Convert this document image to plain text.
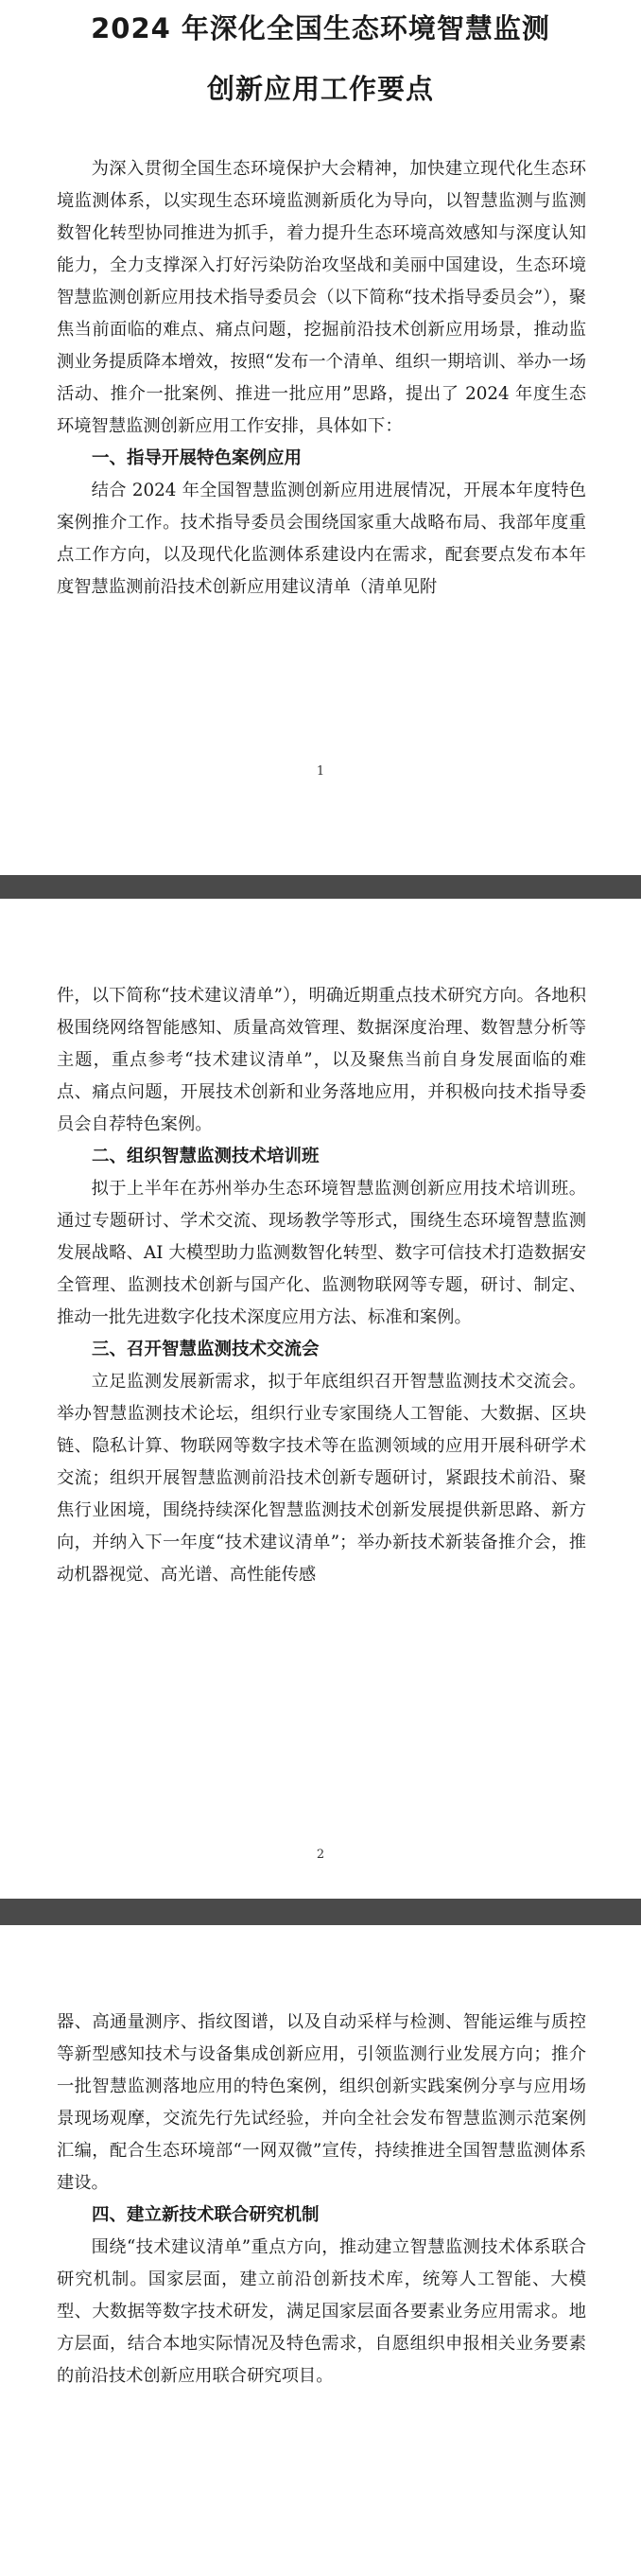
2024 年深化全国生态环境智慧监测
创新应用工作要点

为深入贯彻全国生态环境保护大会精神，加快建立现代化生态环境监测体系，以实现生态环境监测新质化为导向，以智慧监测与监测数智化转型协同推进为抓手，着力提升生态环境高效感知与深度认知能力，全力支撑深入打好污染防治攻坚战和美丽中国建设，生态环境智慧监测创新应用技术指导委员会（以下简称“技术指导委员会”），聚焦当前面临的难点、痛点问题，挖掘前沿技术创新应用场景，推动监测业务提质降本增效，按照“发布一个清单、组织一期培训、举办一场活动、推介一批案例、推进一批应用”思路，提出了 2024 年度生态环境智慧监测创新应用工作安排，具体如下：

一、指导开展特色案例应用

结合 2024 年全国智慧监测创新应用进展情况，开展本年度特色案例推介工作。技术指导委员会围绕国家重大战略布局、我部年度重点工作方向，以及现代化监测体系建设内在需求，配套要点发布本年度智慧监测前沿技术创新应用建议清单（清单见附

1

件，以下简称“技术建议清单”），明确近期重点技术研究方向。各地积极围绕网络智能感知、质量高效管理、数据深度治理、数智慧分析等主题，重点参考“技术建议清单”，以及聚焦当前自身发展面临的难点、痛点问题，开展技术创新和业务落地应用，并积极向技术指导委员会自荐特色案例。

二、组织智慧监测技术培训班

拟于上半年在苏州举办生态环境智慧监测创新应用技术培训班。通过专题研讨、学术交流、现场教学等形式，围绕生态环境智慧监测发展战略、AI 大模型助力监测数智化转型、数字可信技术打造数据安全管理、监测技术创新与国产化、监测物联网等专题，研讨、制定、推动一批先进数字化技术深度应用方法、标准和案例。

三、召开智慧监测技术交流会

立足监测发展新需求，拟于年底组织召开智慧监测技术交流会。举办智慧监测技术论坛，组织行业专家围绕人工智能、大数据、区块链、隐私计算、物联网等数字技术等在监测领域的应用开展科研学术交流；组织开展智慧监测前沿技术创新专题研讨，紧跟技术前沿、聚焦行业困境，围绕持续深化智慧监测技术创新发展提供新思路、新方向，并纳入下一年度“技术建议清单”；举办新技术新装备推介会，推动机器视觉、高光谱、高性能传感

2

器、高通量测序、指纹图谱，以及自动采样与检测、智能运维与质控等新型感知技术与设备集成创新应用，引领监测行业发展方向；推介一批智慧监测落地应用的特色案例，组织创新实践案例分享与应用场景现场观摩，交流先行先试经验，并向全社会发布智慧监测示范案例汇编，配合生态环境部“一网双微”宣传，持续推进全国智慧监测体系建设。

四、建立新技术联合研究机制

围绕“技术建议清单”重点方向，推动建立智慧监测技术体系联合研究机制。国家层面，建立前沿创新技术库，统筹人工智能、大模型、大数据等数字技术研发，满足国家层面各要素业务应用需求。地方层面，结合本地实际情况及特色需求，自愿组织申报相关业务要素的前沿技术创新应用联合研究项目。
